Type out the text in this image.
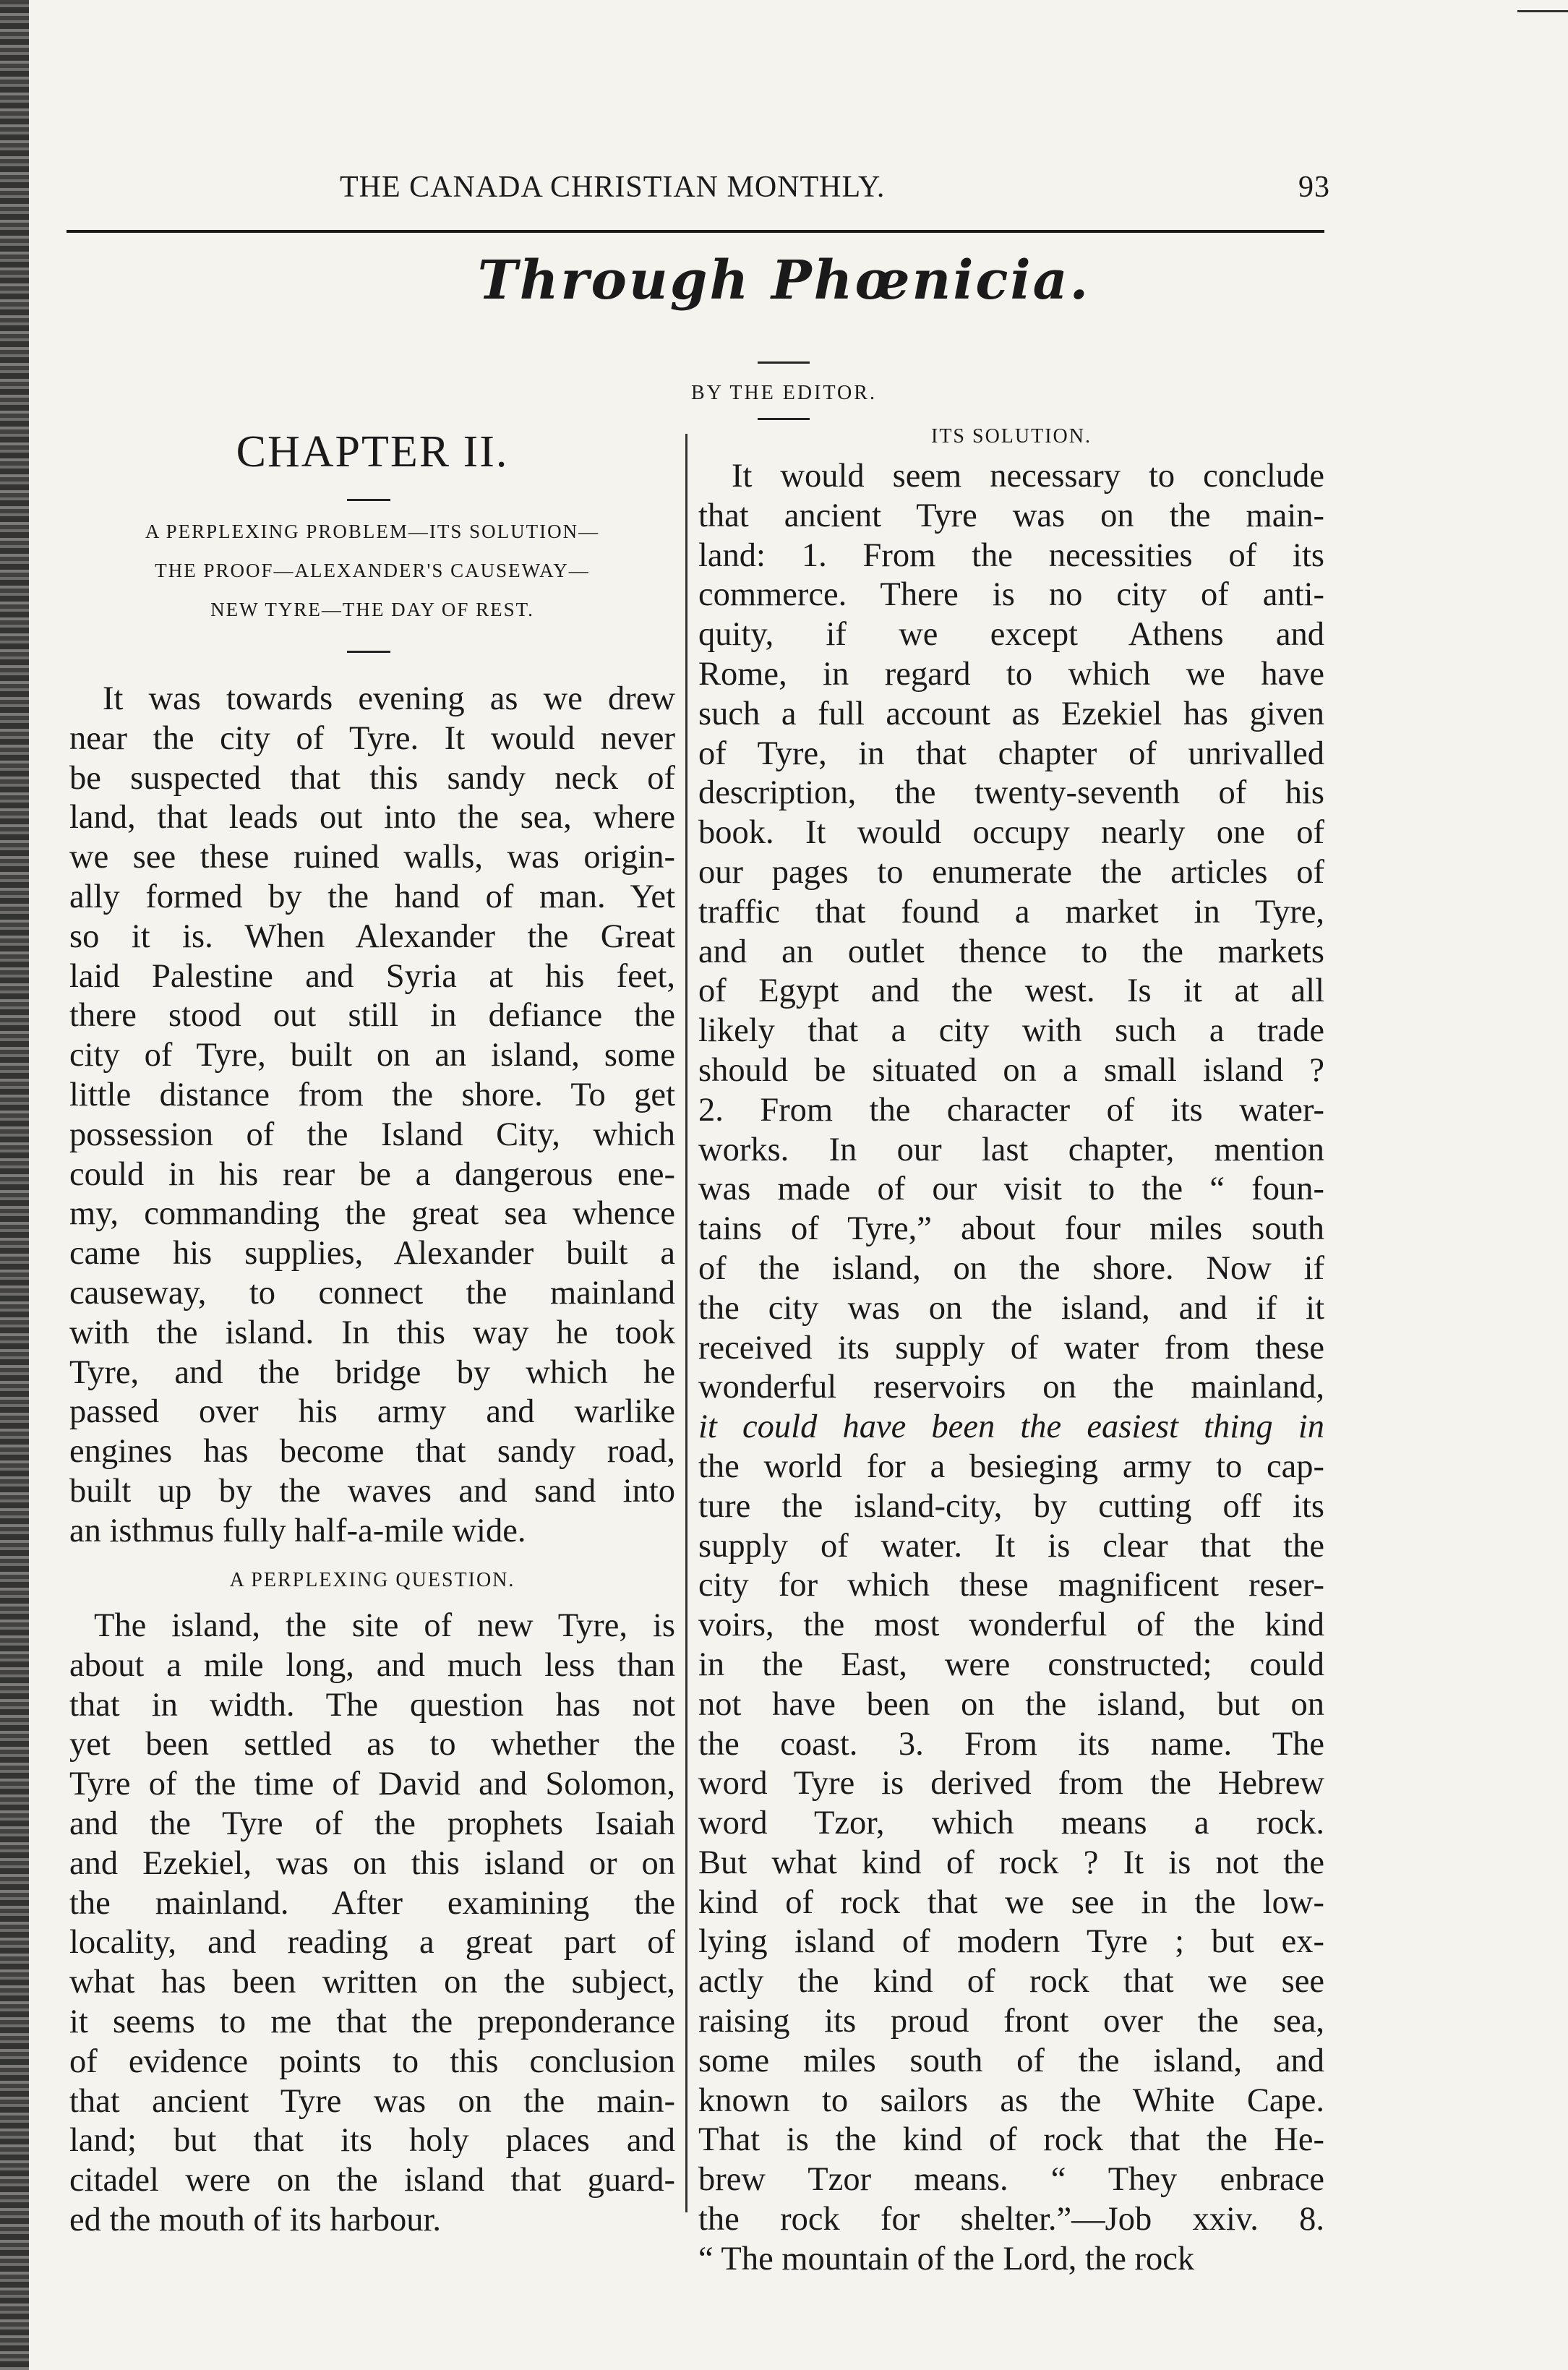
THE CANADA CHRISTIAN MONTHLY.	93
Through Phœnicia.
BY THE EDITOR.
CHAPTER II.
A PERPLEXING PROBLEM—ITS SOLUTION—
THE PROOF—ALEXANDER'S CAUSEWAY—
NEW TYRE—THE DAY OF REST.
It was towards evening as we drew
near the city of Tyre. It would never
be suspected that this sandy neck of
land, that leads out into the sea, where
we see these ruined walls, was origin-
ally formed by the hand of man. Yet
so it is. When Alexander the Great
laid Palestine and Syria at his feet,
there stood out still in defiance the
city of Tyre, built on an island, some
little distance from the shore. To get
possession of the Island City, which
could in his rear be a dangerous ene-
my, commanding the great sea whence
came his supplies, Alexander built a
causeway, to connect the mainland
with the island. In this way he took
Tyre, and the bridge by which he
passed over his army and warlike
engines has become that sandy road,
built up by the waves and sand into
an isthmus fully half-a-mile wide.
A PERPLEXING QUESTION.
The island, the site of new Tyre, is
about a mile long, and much less than
that in width. The question has not
yet been settled as to whether the
Tyre of the time of David and Solomon,
and the Tyre of the prophets Isaiah
and Ezekiel, was on this island or on
the mainland. After examining the
locality, and reading a great part of
what has been written on the subject,
it seems to me that the preponderance
of evidence points to this conclusion
that ancient Tyre was on the main-
land; but that its holy places and
citadel were on the island that guard-
ed the mouth of its harbour.
ITS SOLUTION.
It would seem necessary to conclude
that ancient Tyre was on the main-
land: 1. From the necessities of its
commerce. There is no city of anti-
quity, if we except Athens and
Rome, in regard to which we have
such a full account as Ezekiel has given
of Tyre, in that chapter of unrivalled
description, the twenty-seventh of his
book. It would occupy nearly one of
our pages to enumerate the articles of
traffic that found a market in Tyre,
and an outlet thence to the markets
of Egypt and the west. Is it at all
likely that a city with such a trade
should be situated on a small island ?
2. From the character of its water-
works. In our last chapter, mention
was made of our visit to the “ foun-
tains of Tyre,” about four miles south
of the island, on the shore. Now if
the city was on the island, and if it
received its supply of water from these
wonderful reservoirs on the mainland,
it could have been the easiest thing in
the world for a besieging army to cap-
ture the island-city, by cutting off its
supply of water. It is clear that the
city for which these magnificent reser-
voirs, the most wonderful of the kind
in the East, were constructed; could
not have been on the island, but on
the coast. 3. From its name. The
word Tyre is derived from the Hebrew
word Tzor, which means a rock.
But what kind of rock ? It is not the
kind of rock that we see in the low-
lying island of modern Tyre ; but ex-
actly the kind of rock that we see
raising its proud front over the sea,
some miles south of the island, and
known to sailors as the White Cape.
That is the kind of rock that the He-
brew Tzor means. “ They enbrace
the rock for shelter.”—Job xxiv. 8.
“ The mountain of the Lord, the rock
